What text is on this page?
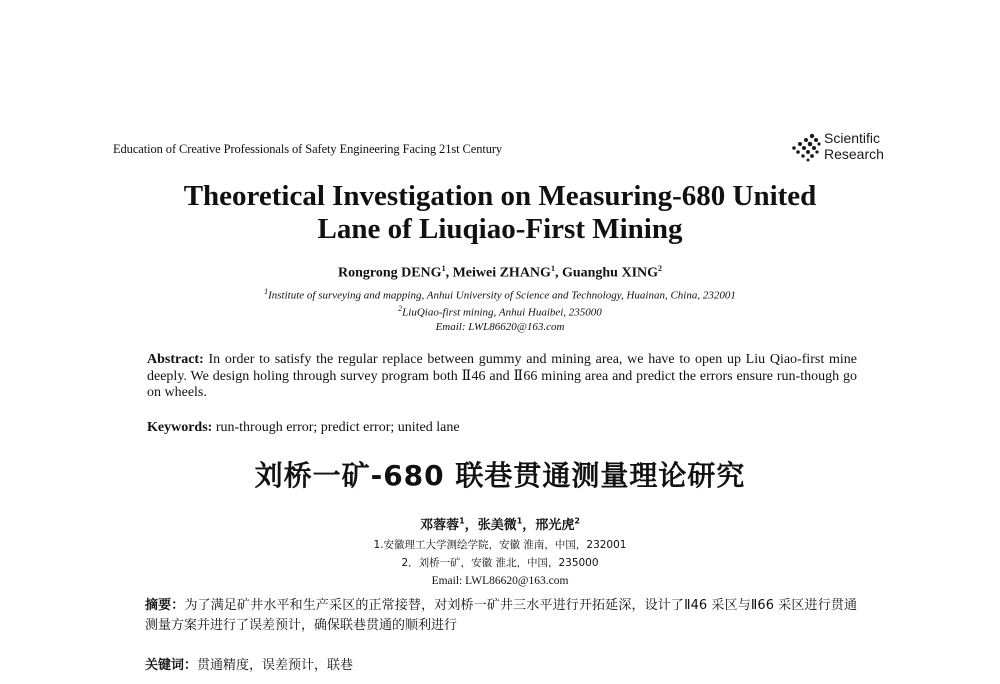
Education of Creative Professionals of Safety Engineering Facing 21st Century
Scientific
Research
Theoretical Investigation on Measuring-680 United
Lane of Liuqiao-First Mining
Rongrong DENG$^1$, Meiwei ZHANG$^1$, Guanghu XING$^2$
$^1$Institute of surveying and mapping, Anhui University of Science and Technology, Huainan, China, 232001
$^2$LiuQiao-first mining, Anhui Huaibei, 235000
Email: LWL86620@163.com
Abstract: In order to satisfy the regular replace between gummy and mining area, we have to open up Liu Qiao-first mine deeply. We design holing through survey program both Ⅱ46 and Ⅱ66 mining area and predict the errors ensure run-though go on wheels.
Keywords: run-through error; predict error; united lane
刘桥一矿-680 联巷贯通测量理论研究
邓蓉蓉$^1$，张美微$^1$，邢光虎$^2$
1.安徽理工大学测绘学院，安徽 淮南，中国，232001
2．刘桥一矿，安徽 淮北，中国，235000
Email: LWL86620@163.com
摘要：为了满足矿井水平和生产采区的正常接替，对刘桥一矿井三水平进行开拓延深，设计了Ⅱ46 采区与Ⅱ66 采区进行贯通测量方案并进行了误差预计，确保联巷贯通的顺利进行
关键词：贯通精度，误差预计，联巷
